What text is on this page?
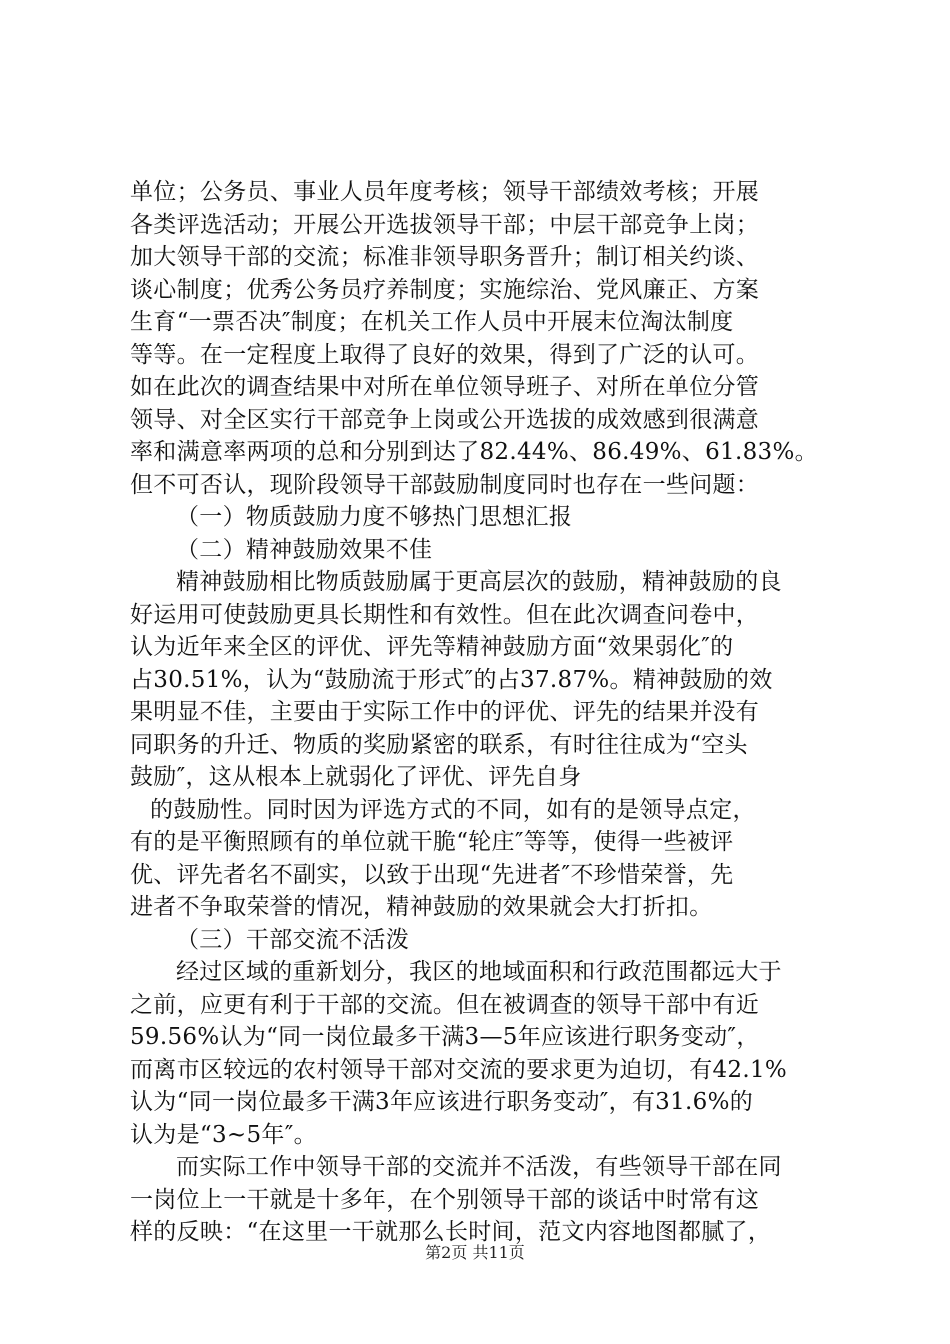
单位；公务员、事业人员年度考核；领导干部绩效考核；开展
各类评选活动；开展公开选拔领导干部；中层干部竞争上岗；
加大领导干部的交流；标准非领导职务晋升；制订相关约谈、
谈心制度；优秀公务员疗养制度；实施综治、党风廉正、方案
生育“一票否决″制度；在机关工作人员中开展末位淘汰制度
等等。在一定程度上取得了良好的效果，得到了广泛的认可。
如在此次的调查结果中对所在单位领导班子、对所在单位分管
领导、对全区实行干部竞争上岗或公开选拔的成效感到很满意
率和满意率两项的总和分别到达了82.44%、86.49%、61.83%。
但不可否认，现阶段领导干部鼓励制度同时也存在一些问题：
（一）物质鼓励力度不够热门思想汇报
（二）精神鼓励效果不佳
精神鼓励相比物质鼓励属于更高层次的鼓励，精神鼓励的良
好运用可使鼓励更具长期性和有效性。但在此次调查问卷中，
认为近年来全区的评优、评先等精神鼓励方面“效果弱化″的
占30.51%，认为“鼓励流于形式″的占37.87%。精神鼓励的效
果明显不佳，主要由于实际工作中的评优、评先的结果并没有
同职务的升迁、物质的奖励紧密的联系，有时往往成为“空头
鼓励″，这从根本上就弱化了评优、评先自身
的鼓励性。同时因为评选方式的不同，如有的是领导点定，
有的是平衡照顾有的单位就干脆“轮庄″等等，使得一些被评
优、评先者名不副实，以致于出现“先进者″不珍惜荣誉，先
进者不争取荣誉的情况，精神鼓励的效果就会大打折扣。
（三）干部交流不活泼
经过区域的重新划分，我区的地域面积和行政范围都远大于
之前，应更有利于干部的交流。但在被调查的领导干部中有近
59.56%认为“同一岗位最多干满3—5年应该进行职务变动″，
而离市区较远的农村领导干部对交流的要求更为迫切，有42.1%
认为“同一岗位最多干满3年应该进行职务变动″，有31.6%的
认为是“3~5年″。
而实际工作中领导干部的交流并不活泼，有些领导干部在同
一岗位上一干就是十多年，在个别领导干部的谈话中时常有这
样的反映：“在这里一干就那么长时间，范文内容地图都腻了，
第2页 共11页
